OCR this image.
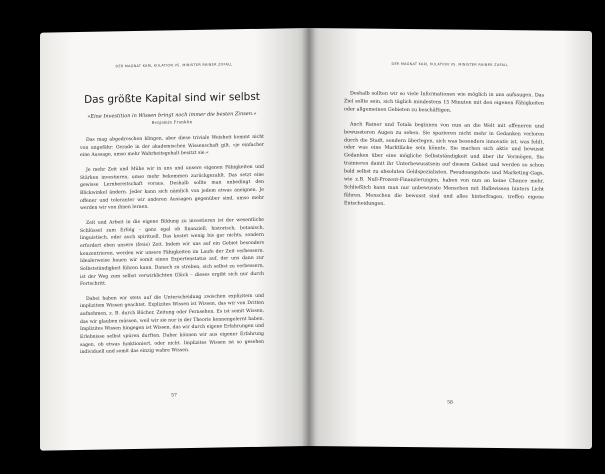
DER MAGNAT KARL KULATION VS. MINISTER RAINER ZUFALL
Das größte Kapital sind wir selbst
»Eine Investition in Wissen bringt noch immer die besten Zinsen.«
Benjamin Franklin

Das mag abgedroschen klingen, aber diese triviale Weisheit kommt nicht von ungefähr: Gerade in der akademischen Wissenschaft gilt, »je einfacher eine Aussage, umso mehr Wahrheitsgehalt besitzt sie.«

Je mehr Zeit und Mühe wir in uns und unsere eigenen Fähigkeiten und Stärken investieren, umso mehr bekommen zurückgezahlt. Das setzt eine gewisse Lernbereitschaft voraus. Deshalb sollte man unbedingt den Blickwinkel ändern. Jeder kann sich nämlich von jedem etwas aneignen. Je offener und toleranter wir anderen Aussagen gegenüber sind, umso mehr werden wir von ihnen lernen.

Zeit und Arbeit in die eigene Bildung zu investieren ist der wesentliche Schlüssel zum Erfolg – ganz egal ob finanziell, historisch, botanisch, linguistisch, oder auch spirituell. Das kostet wenig bis gar nichts, sondern erfordert eben unsere (freie) Zeit. Indem wir uns auf ein Gebiet besonders konzentrieren, werden wir unsere Fähigkeiten im Laufe der Zeit verbessern. Idealerweise bauen wir somit einen Expertenstatus auf, der uns dann zur Selbstständigkeit führen kann. Danach zu streben, sich selbst zu verbessern, ist der Weg zum selbst verwirklichten Glück – dieses ergibt sich nur durch Fortschritt.

Dabei haben wir stets auf die Unterscheidung zwischen explizitem und implizitem Wissen geachtet. Explizites Wissen ist Wissen, das wir von Dritten aufnehmen, z. B. durch Bücher, Zeitung oder Fernsehen. Es ist somit Wissen, das wir glauben müssen, weil wir sie nur in der Theorie kennengelernt haben. Implizites Wissen hingegen ist Wissen, das wir durch eigene Erfahrungen und Erlebnisse selbst spüren durften. Daher können wir aus eigener Erfahrung sagen, ob etwas funktioniert, oder nicht. Implizites Wissen ist so gesehen individuell und somit das einzig wahre Wissen.

57
DER MAGNAT KARL KULATION VS. MINISTER RAINER ZUFALL

Deshalb sollten wir so viele Informationen wie möglich in uns aufsaugen. Das Ziel sollte sein, sich täglich mindestens 15 Minuten mit den eigenen Fähigkeiten oder allgemeinen Gebieten zu beschäftigen.

Auch Rainer und Totala beginnen von nun an die Welt mit offeneren und bewussteren Augen zu sehen. Sie spazieren nicht mehr in Gedanken verloren durch die Stadt, sondern überlegen, sich was besonders innovativ ist, was fehlt, oder was eine Marktlücke sein könnte. Sie machen sich aktiv und bewusst Gedanken über eine mögliche Selbstständigkeit und über ihr Vermögen. Sie trainieren damit ihr Unterbewusstsein auf diesem Gebiet und werden so schon bald selbst zu absoluten Geldspezialisten. Pseudoangebote und Marketing-Gags, wie z.B. Null-Prozent-Finanzierungen, haben von nun an keine Chance mehr. Schließlich kann man nur unbewusste Menschen mit Halbwissen hinters Licht führen. Menschen die bewusst sind und alles hinterfragen, treffen eigene Entscheidungen.

58
